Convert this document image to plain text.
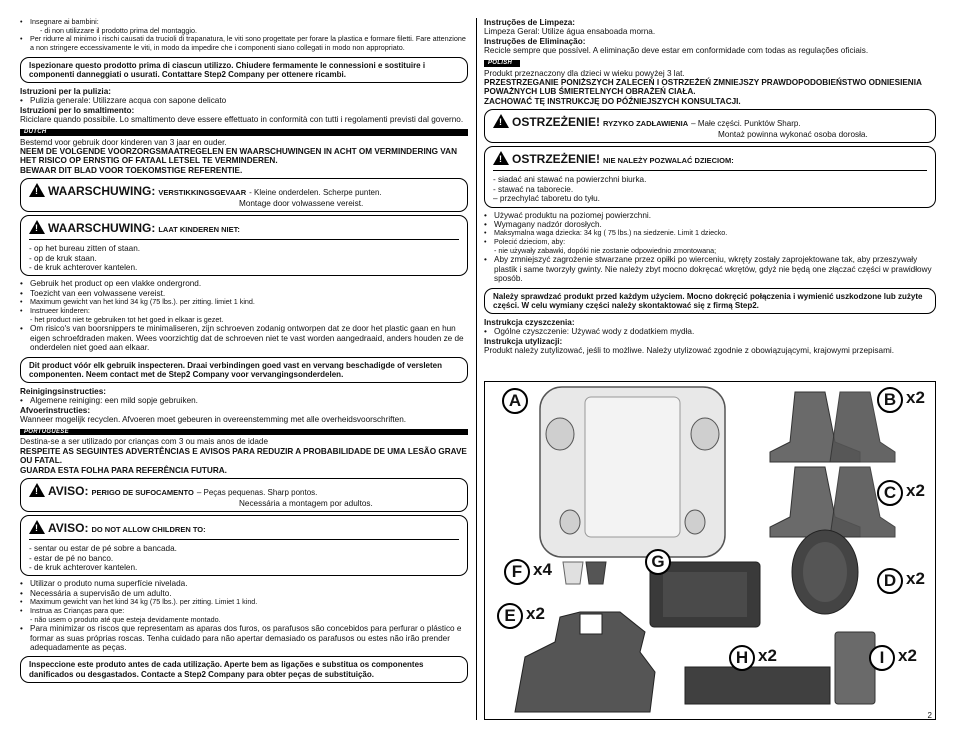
• Insegnare ai bambini:
- di non utilizzare il prodotto prima del montaggio.
• Per ridurre al minimo i rischi causati da trucioli di trapanatura, le viti sono progettate per forare la plastica e formare filetti. Fare attenzione a non stringere eccessivamente le viti, in modo da impedire che i componenti siano collegati in modo non appropriato.
Ispezionare questo prodotto prima di ciascun utilizzo. Chiudere fermamente le connessioni e sostituire i componenti danneggiati o usurati. Contattare Step2 Company per ottenere ricambi.

Istruzioni per la pulizia:

• Pulizia generale: Utilizzare acqua con sapone delicato

Istruzioni per lo smaltimento:

Riciclare quando possibile. Lo smaltimento deve essere effettuato in conformità con tutti i regolamenti previsti dal governo.

DUTCH

Bestemd voor gebruik door kinderen van 3 jaar en ouder.

NEEM DE VOLGENDE VOORZORGSMAATREGELEN EN WAARSCHUWINGEN IN ACHT OM VERMINDERING VAN HET RISICO OP ERNSTIG OF FATAAL LETSEL TE VERMINDEREN.

BEWAAR DIT BLAD VOOR TOEKOMSTIGE REFERENTIE.

!
WAARSCHUWING: VERSTIKKINGSGEVAAR - Kleine onderdelen. Scherpe punten.
Montage door volwassene vereist.
!
WAARSCHUWING: LAAT KINDEREN NIET:

- op het bureau zitten of staan.

- op de kruk staan.

- de kruk achterover kantelen.

• Gebruik het product op een vlakke ondergrond.
• Toezicht van een volwassene vereist.
• Maximum gewicht van het kind 34 kg (75 lbs.). per zitting. limiet 1 kind.
• Instrueer kinderen:

- het product niet te gebruiken tot het goed in elkaar is gezet.

• Om risico's van boorsnippers te minimaliseren, zijn schroeven zodanig ontworpen dat ze door het plastic gaan en hun eigen schroefdraden maken. Wees voorzichtig dat de schroeven niet te vast worden aangedraaid, anders houden ze de onderdelen niet goed aan elkaar.
Dit product vóór elk gebruik inspecteren. Draai verbindingen goed vast en vervang beschadigde of versleten componenten. Neem contact met de Step2 Company voor vervangingsonderdelen.

Reinigingsinstructies:

• Algemene reiniging: een mild sopje gebruiken.

Afvoerinstructies:

Wanneer mogelijk recyclen. Afvoeren moet gebeuren in overeenstemming met alle overheidsvoorschriften.

PORTUGUESE

Destina-se a ser utilizado por crianças com 3 ou mais anos de idade

RESPEITE AS SEGUINTES ADVERTÊNCIAS E AVISOS PARA REDUZIR A PROBABILIDADE DE UMA LESÃO GRAVE OU FATAL.

GUARDA ESTA FOLHA PARA REFERÊNCIA FUTURA.

!
AVISO: PERIGO DE SUFOCAMENTO – Peças pequenas. Sharp pontos.
Necessária a montagem por adultos.
!
AVISO: DO NOT ALLOW CHILDREN TO:

- sentar ou estar de pé sobre a bancada.

- estar de pé no banco.

- de kruk achterover kantelen.

• Utilizar o produto numa superfície nivelada.
• Necessária a supervisão de um adulto.
• Maximum gewicht van het kind 34 kg (75 lbs.). per zitting. Limiet 1 kind.
• Instrua as Crianças para que:

- não usem o produto até que esteja devidamente montado.

• Para minimizar os riscos que representam as aparas dos furos, os parafusos são concebidos para perfurar o plástico e formar as suas próprias roscas. Tenha cuidado para não apertar demasiado os parafusos ou estes não irão prender adequadamente as peças.
Inspeccione este produto antes de cada utilização. Aperte bem as ligações e substitua os componentes danificados ou desgastados. Contacte a Step2 Company para obter peças de substituição.

Instruções de Limpeza:

Limpeza Geral: Utilize água ensaboada morna.

Instruções de Eliminação:

Recicle sempre que possível. A eliminação deve estar em conformidade com todas as regulações oficiais.

POLISH

Produkt przeznaczony dla dzieci w wieku powyżej 3 lat.

PRZESTRZEGANIE PONIŻSZYCH ZALECEŃ I OSTRZEŻEŃ ZMNIEJSZY PRAWDOPODOBIEŃSTWO ODNIESIENIA POWAŻNYCH LUB ŚMIERTELNYCH OBRAŻEŃ CIAŁA.

ZACHOWAĆ TĘ INSTRUKCJĘ DO PÓŹNIEJSZYCH KONSULTACJI.

!
OSTRZEŻENIE! RYZYKO ZADŁAWIENIA – Małe części. Punktów Sharp.
Montaż powinna wykonać osoba dorosła.
!
OSTRZEŻENIE! NIE NALEŻY POZWALAĆ DZIECIOM:

- siadać ani stawać na powierzchni biurka.

- stawać na taborecie.

– przechylać taboretu do tyłu.

• Używać produktu na poziomej powierzchni.
• Wymagany nadzór dorosłych.
• Maksymalna waga dziecka: 34 kg ( 75 lbs.) na siedzenie. Limit 1 dziecko.
• Polecić dzieciom, aby:

- nie używały zabawki, dopóki nie zostanie odpowiednio zmontowana;

• Aby zmniejszyć zagrożenie stwarzane przez opiłki po wierceniu, wkręty zostały zaprojektowane tak, aby przeszywały plastik i same tworzyły gwinty. Nie należy zbyt mocno dokręcać wkrętów, gdyż nie będą one złączać części w prawidłowy sposób.
Należy sprawdzać produkt przed każdym użyciem. Mocno dokręcić połączenia i wymienić uszkodzone lub zużyte części. W celu wymiany części należy skontaktować się z firmą Step2.

Instrukcja czyszczenia:

• Ogólne czyszczenie: Używać wody z dodatkiem mydła.

Instrukcja utylizacji:

Produkt należy zutylizować, jeśli to możliwe. Należy utylizować zgodnie z obowiązującymi, krajowymi przepisami.

A	B x2
C x2
D x2
F x4	G
E x2
H x2	I x2
2
